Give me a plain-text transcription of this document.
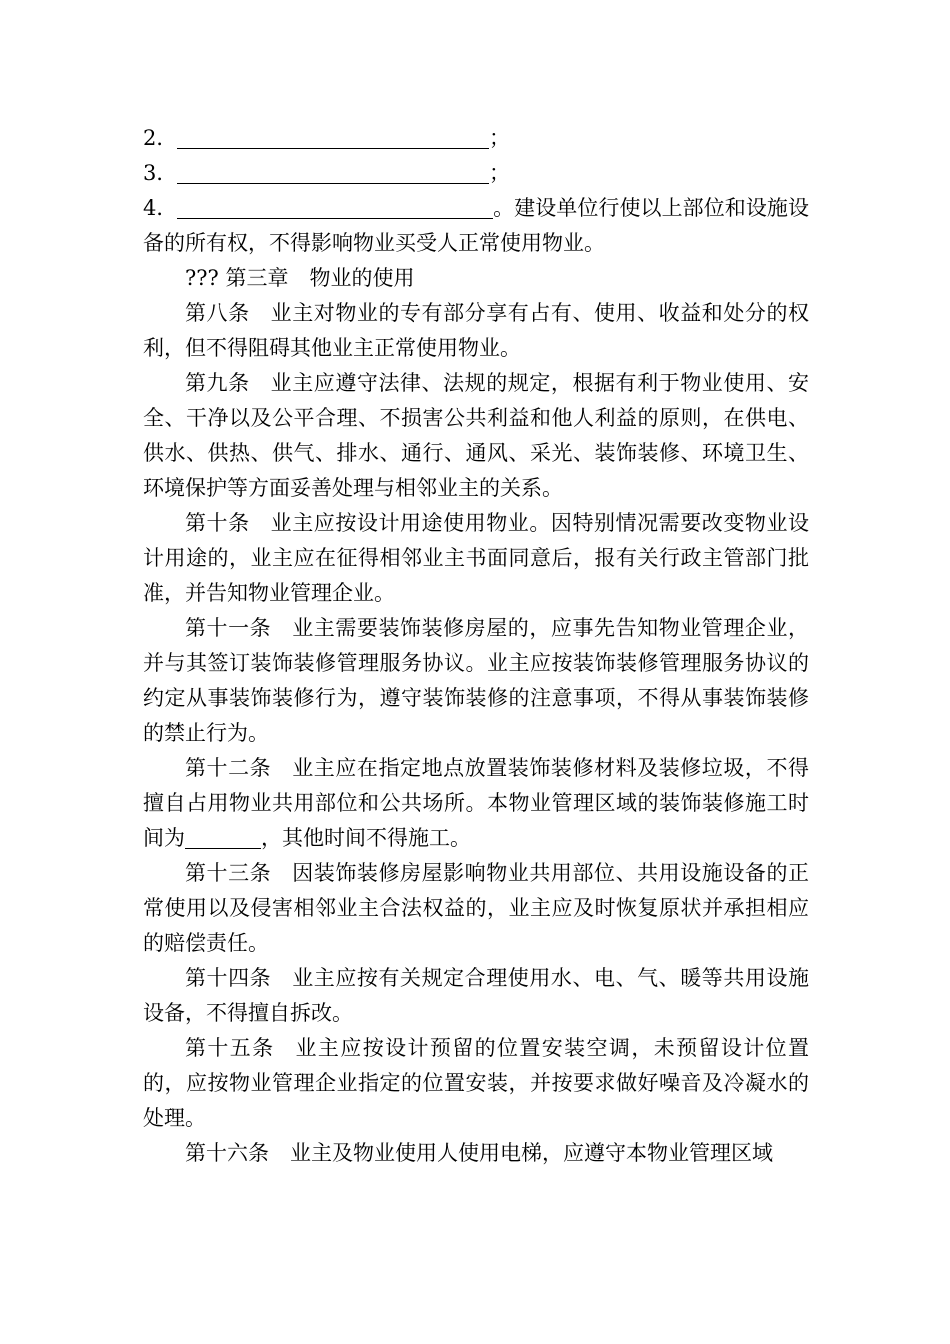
2．	；

3．	；

4．	。建设单位行使以上部位和设施设备的所有权，不得影响物业买受人正常使用物业。

??? 第三章　物业的使用

第八条 业主对物业的专有部分享有占有、使用、收益和处分的权利，但不得阻碍其他业主正常使用物业。

第九条 业主应遵守法律、法规的规定，根据有利于物业使用、安全、干净以及公平合理、不损害公共利益和他人利益的原则，在供电、供水、供热、供气、排水、通行、通风、采光、装饰装修、环境卫生、环境保护等方面妥善处理与相邻业主的关系。

第十条 业主应按设计用途使用物业。因特别情况需要改变物业设计用途的，业主应在征得相邻业主书面同意后，报有关行政主管部门批准，并告知物业管理企业。

第十一条 业主需要装饰装修房屋的，应事先告知物业管理企业，并与其签订装饰装修管理服务协议。业主应按装饰装修管理服务协议的约定从事装饰装修行为，遵守装饰装修的注意事项，不得从事装饰装修的禁止行为。

第十二条 业主应在指定地点放置装饰装修材料及装修垃圾，不得擅自占用物业共用部位和公共场所。本物业管理区域的装饰装修施工时间为	，其他时间不得施工。

第十三条 因装饰装修房屋影响物业共用部位、共用设施设备的正常使用以及侵害相邻业主合法权益的，业主应及时恢复原状并承担相应的赔偿责任。

第十四条 业主应按有关规定合理使用水、电、气、暖等共用设施设备，不得擅自拆改。

第十五条 业主应按设计预留的位置安装空调，未预留设计位置的，应按物业管理企业指定的位置安装，并按要求做好噪音及冷凝水的处理。

第十六条 业主及物业使用人使用电梯，应遵守本物业管理区域
